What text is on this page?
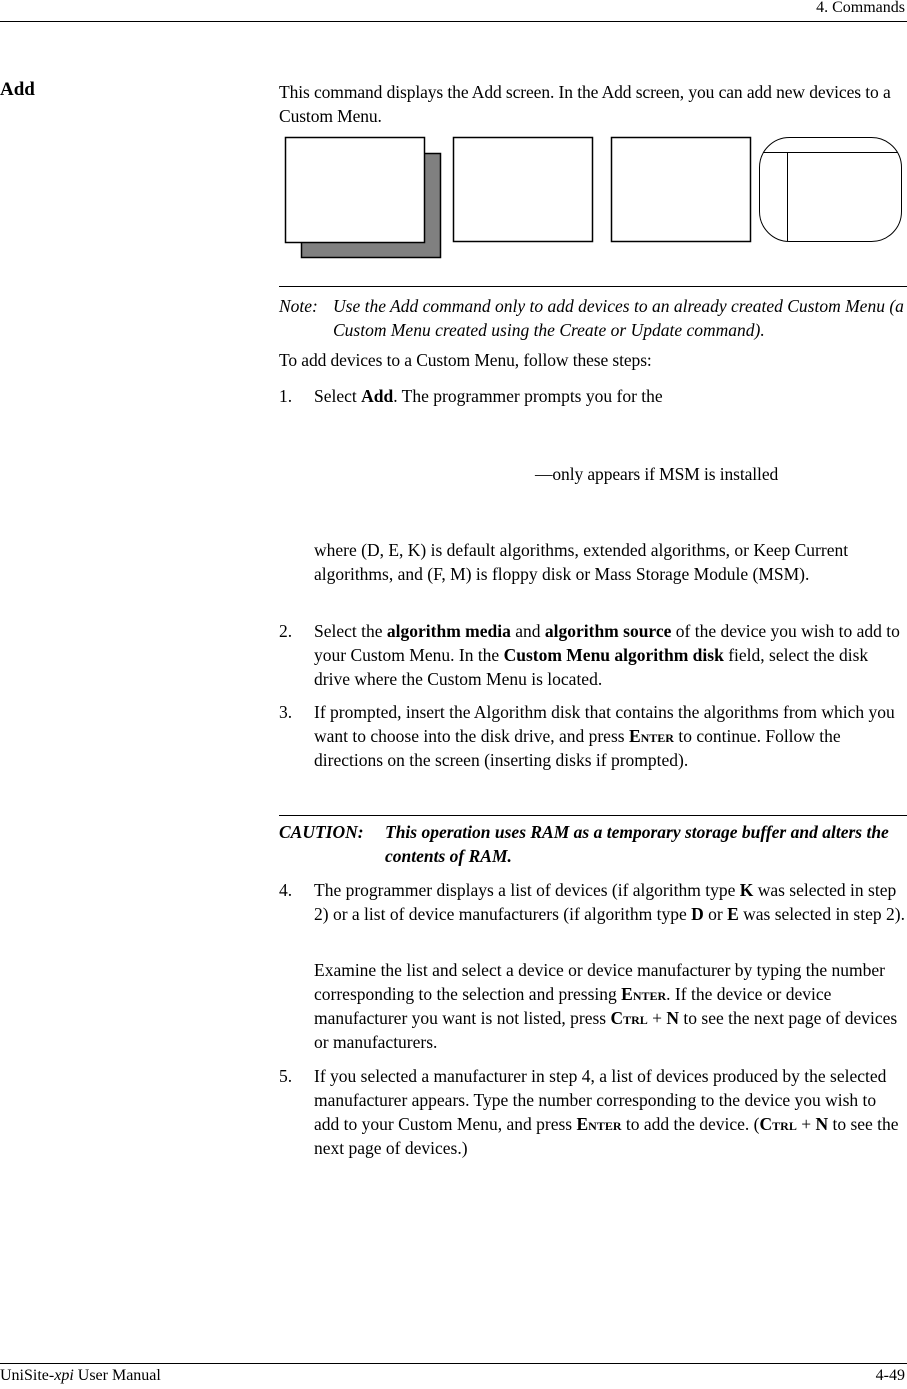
4. Commands
Add	This command displays the Add screen. In the Add screen, you can add new devices to a Custom Menu.
Note: Use the Add command only to add devices to an already created Custom Menu (a Custom Menu created using the Create or Update command).
To add devices to a Custom Menu, follow these steps:
1.	Select Add. The programmer prompts you for the
—only appears if MSM is installed
where (D, E, K) is default algorithms, extended algorithms, or Keep Current algorithms, and (F, M) is floppy disk or Mass Storage Module (MSM).
2.	Select the algorithm media and algorithm source of the device you wish to add to your Custom Menu. In the Custom Menu algorithm disk field, select the disk drive where the Custom Menu is located.
3.	If prompted, insert the Algorithm disk that contains the algorithms from which you want to choose into the disk drive, and press Enter to continue. Follow the directions on the screen (inserting disks if prompted).
CAUTION: This operation uses RAM as a temporary storage buffer and alters the contents of RAM.
4.	The programmer displays a list of devices (if algorithm type K was selected in step 2) or a list of device manufacturers (if algorithm type D or E was selected in step 2).
Examine the list and select a device or device manufacturer by typing the number corresponding to the selection and pressing Enter. If the device or device manufacturer you want is not listed, press Ctrl + N to see the next page of devices or manufacturers.
5.	If you selected a manufacturer in step 4, a list of devices produced by the selected manufacturer appears. Type the number corresponding to the device you wish to add to your Custom Menu, and press Enter to add the device. (Ctrl + N to see the next page of devices.)
UniSite-xpi User Manual	4-49
